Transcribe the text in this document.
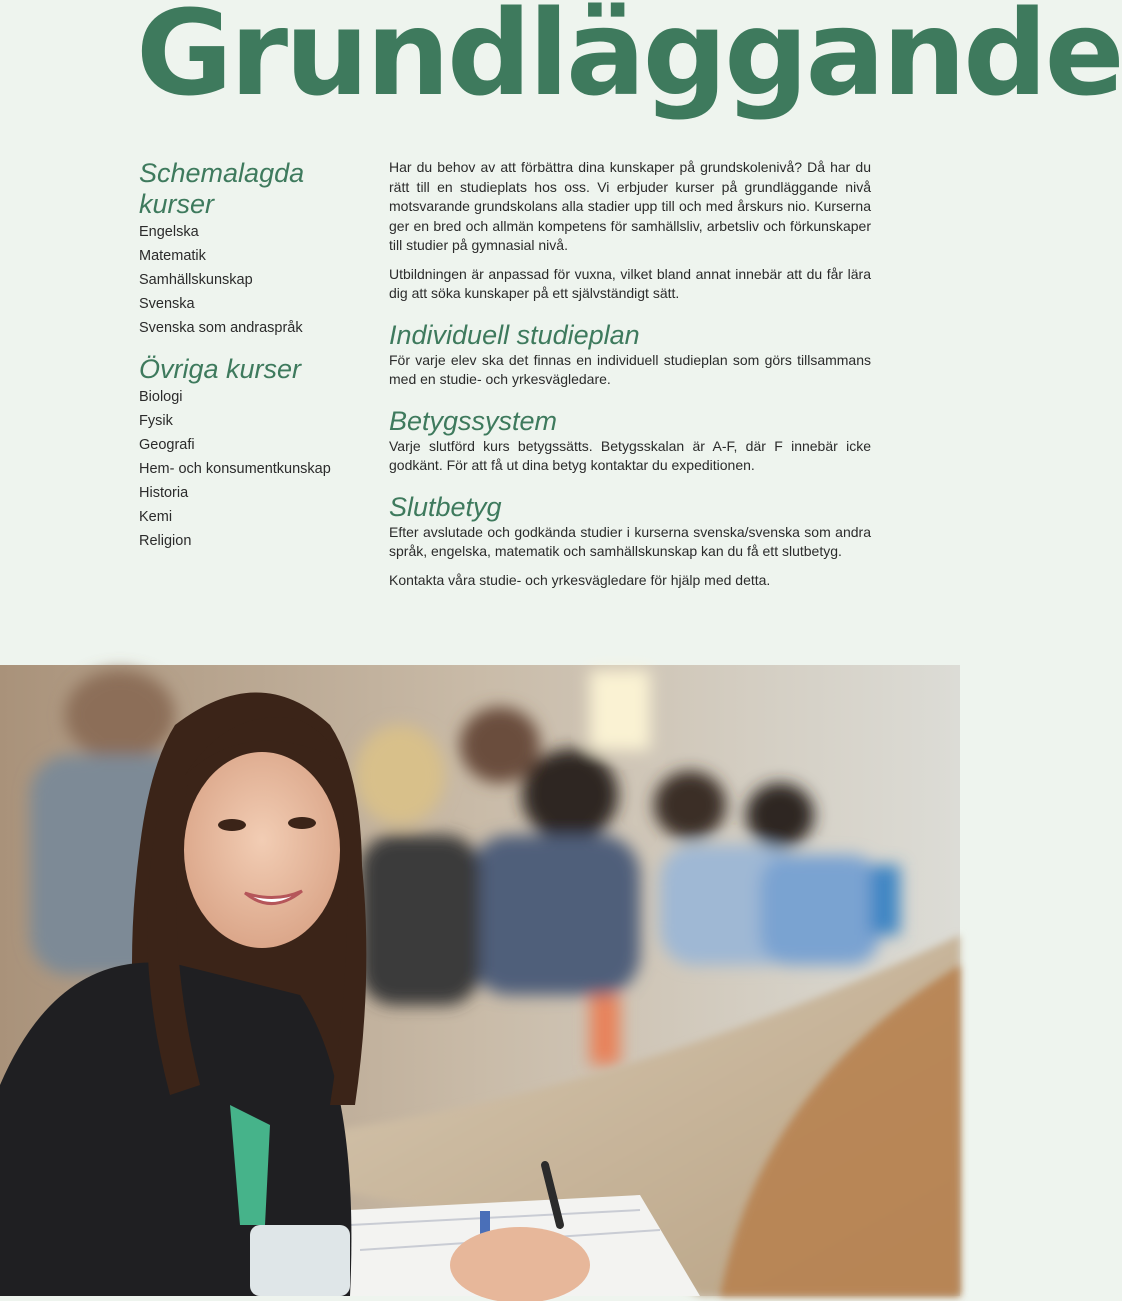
Grundläggande
Schemalagda kurser
Engelska
Matematik
Samhällskunskap
Svenska
Svenska som andraspråk
Övriga kurser
Biologi
Fysik
Geografi
Hem- och konsumentkunskap
Historia
Kemi
Religion

Har du behov av att förbättra dina kunskaper på grundskolenivå? Då har du rätt till en studieplats hos oss. Vi erbjuder kurser på grundläggande nivå motsvarande grundskolans alla stadier upp till och med årskurs nio. Kurserna ger en bred och allmän kompetens för samhällsliv, arbetsliv och förkunskaper till studier på gymnasial nivå.

Utbildningen är anpassad för vuxna, vilket bland annat innebär att du får lära dig att söka kunskaper på ett självständigt sätt.

Individuell studieplan

För varje elev ska det finnas en individuell studieplan som görs tillsammans med en studie- och yrkesvägledare.

Betygssystem

Varje slutförd kurs betygssätts. Betygsskalan är A-F, där F innebär icke godkänt. För att få ut dina betyg kontaktar du expeditionen.

Slutbetyg

Efter avslutade och godkända studier i kurserna svenska/svenska som andra språk, engelska, matematik och samhällskunskap kan du få ett slutbetyg.

Kontakta våra studie- och yrkesvägledare för hjälp med detta.
